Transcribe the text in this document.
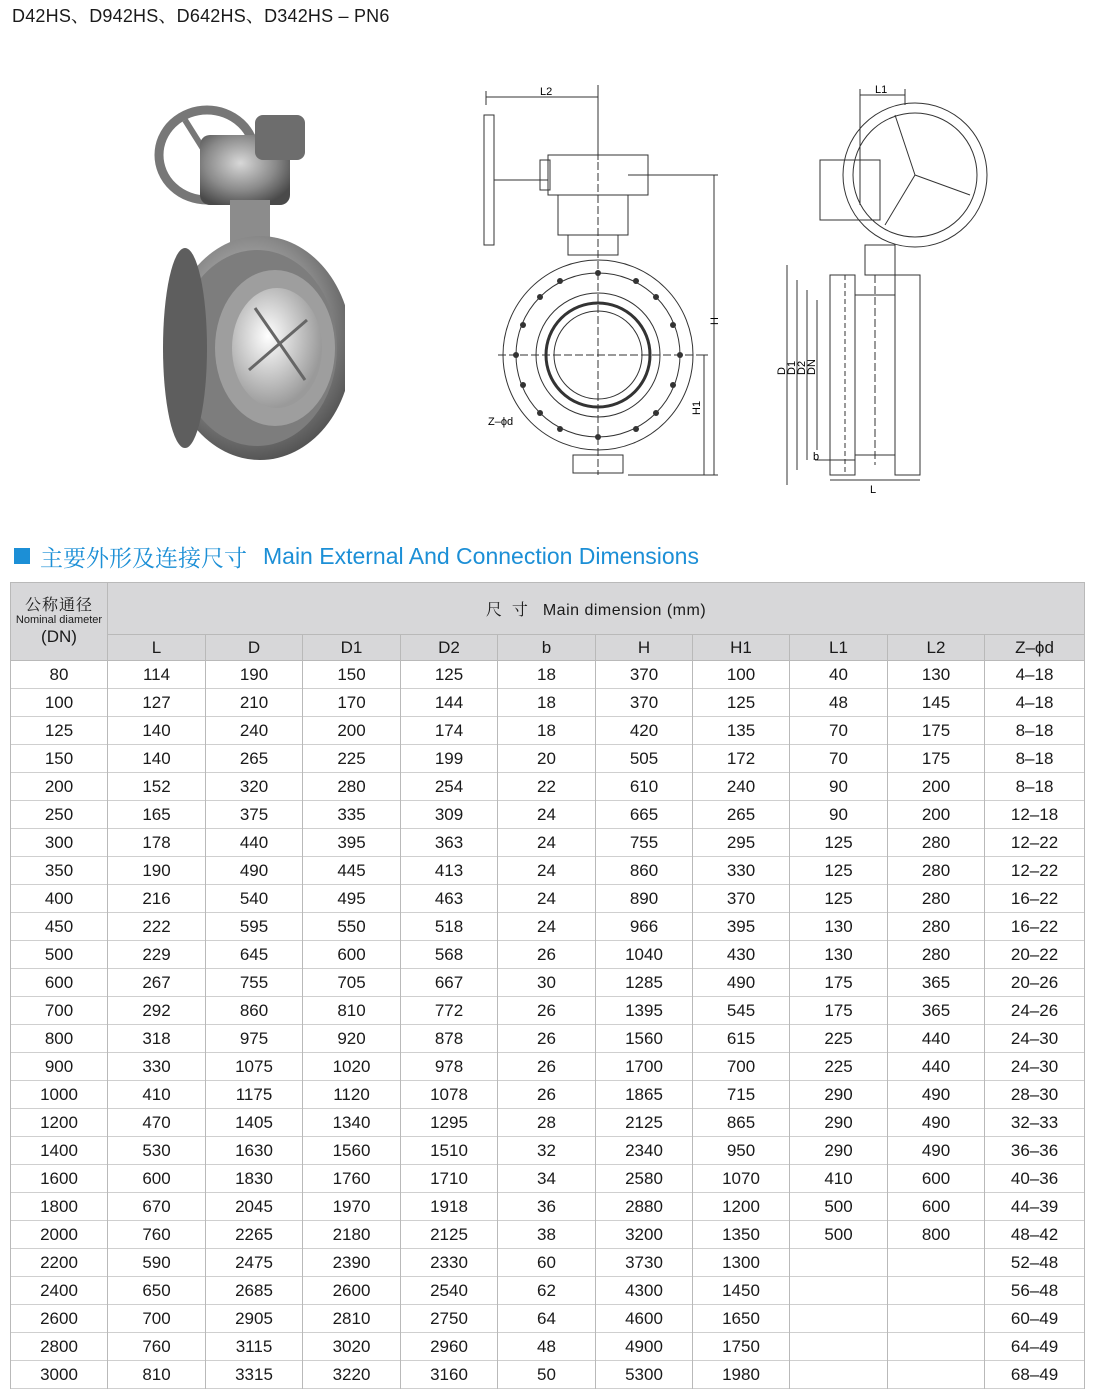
D42HS、D942HS、D642HS、D342HS – PN6
L2
H
H1
Z–ϕd
L1
D
D1
D2
DN
b
L
主要外形及连接尺寸 Main External And Connection Dimensions
公称通径
Nominal diameter
(DN)	尺寸 Main dimension (mm)									
	L	D	D1	D2	b	H	H1	L1	L2	Z–ϕd
80	114	190	150	125	18	370	100	40	130	4–18
100	127	210	170	144	18	370	125	48	145	4–18
125	140	240	200	174	18	420	135	70	175	8–18
150	140	265	225	199	20	505	172	70	175	8–18
200	152	320	280	254	22	610	240	90	200	8–18
250	165	375	335	309	24	665	265	90	200	12–18
300	178	440	395	363	24	755	295	125	280	12–22
350	190	490	445	413	24	860	330	125	280	12–22
400	216	540	495	463	24	890	370	125	280	16–22
450	222	595	550	518	24	966	395	130	280	16–22
500	229	645	600	568	26	1040	430	130	280	20–22
600	267	755	705	667	30	1285	490	175	365	20–26
700	292	860	810	772	26	1395	545	175	365	24–26
800	318	975	920	878	26	1560	615	225	440	24–30
900	330	1075	1020	978	26	1700	700	225	440	24–30
1000	410	1175	1120	1078	26	1865	715	290	490	28–30
1200	470	1405	1340	1295	28	2125	865	290	490	32–33
1400	530	1630	1560	1510	32	2340	950	290	490	36–36
1600	600	1830	1760	1710	34	2580	1070	410	600	40–36
1800	670	2045	1970	1918	36	2880	1200	500	600	44–39
2000	760	2265	2180	2125	38	3200	1350	500	800	48–42
2200	590	2475	2390	2330	60	3730	1300			52–48
2400	650	2685	2600	2540	62	4300	1450			56–48
2600	700	2905	2810	2750	64	4600	1650			60–49
2800	760	3115	3020	2960	48	4900	1750			64–49
3000	810	3315	3220	3160	50	5300	1980			68–49
